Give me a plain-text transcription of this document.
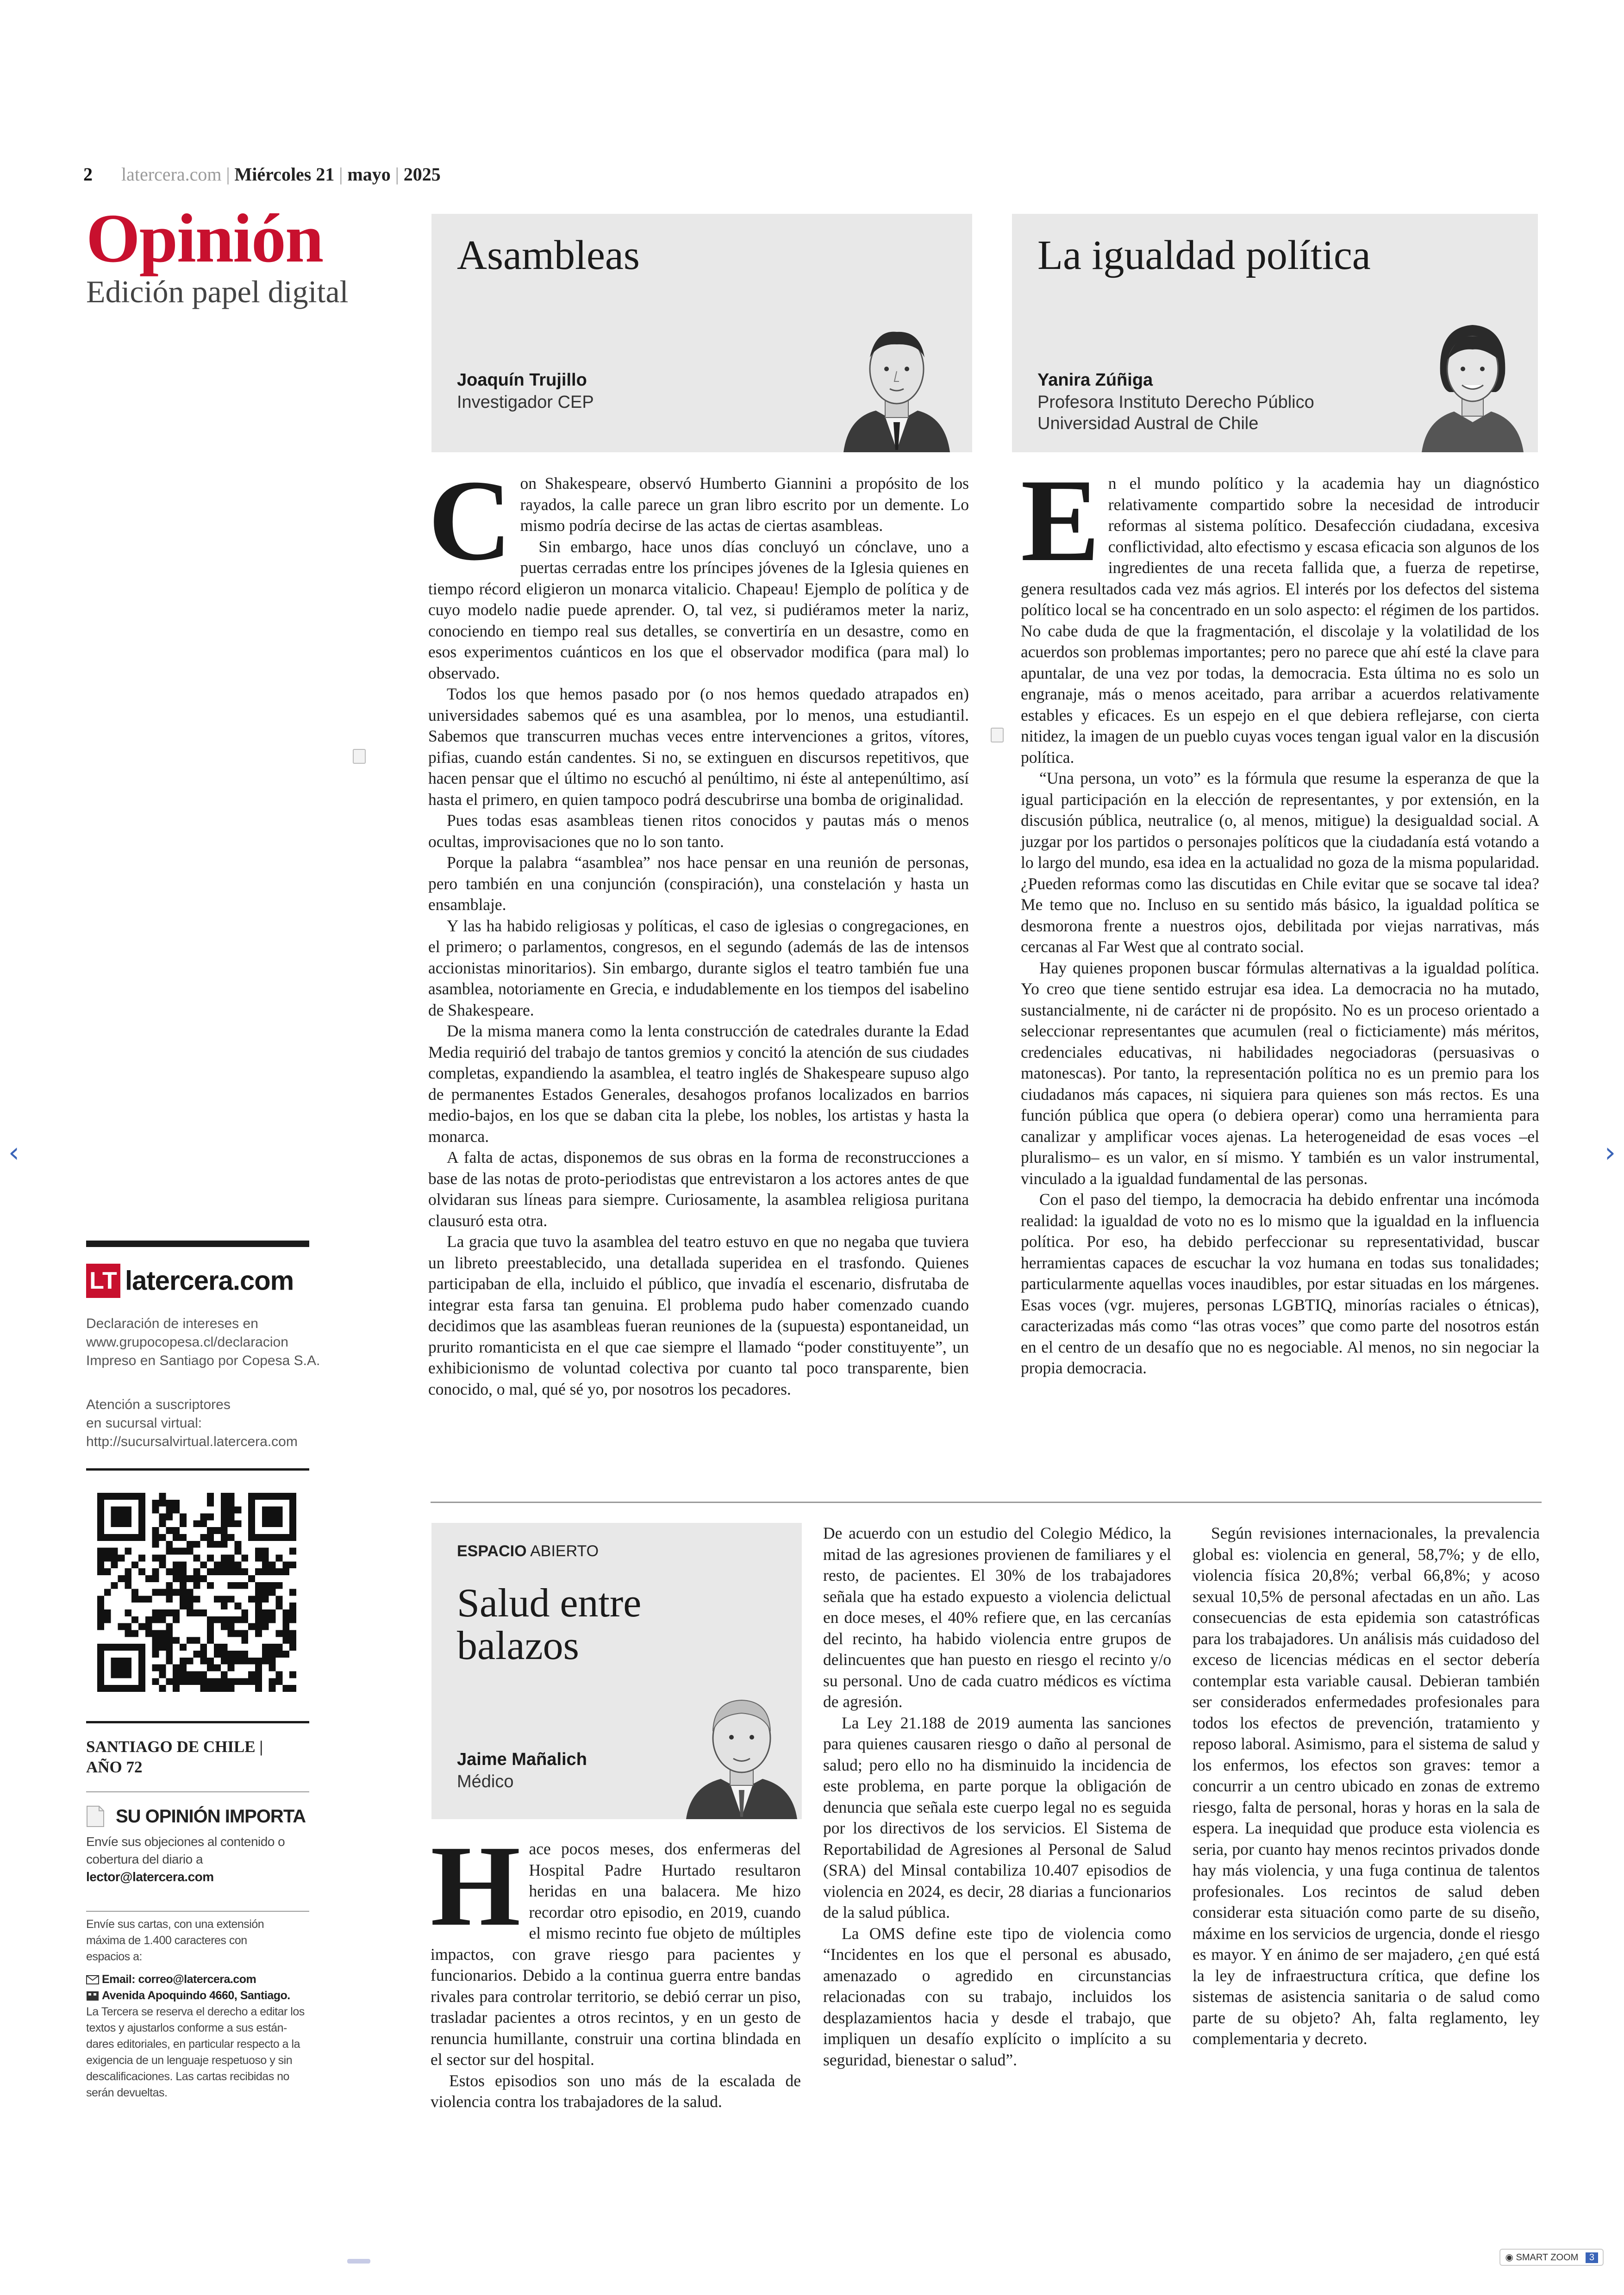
2 latercera.com | Miércoles 21 | mayo | 2025
Opinión
Edición papel digital
LT latercera.com
Declaración de intereses en
www.grupocopesa.cl/declaracion
Impreso en Santiago por Copesa S.A.
Atención a suscriptores
en sucursal virtual:
http://sucursalvirtual.latercera.com
SANTIAGO DE CHILE |
AÑO 72
SU OPINIÓN IMPORTA
Envíe sus objeciones al contenido o
cobertura del diario a
lector@latercera.com
Envíe sus cartas, con una extensión
máxima de 1.400 caracteres con
espacios a:
Email: correo@latercera.com
Avenida Apoquindo 4660, Santiago.
La Tercera se reserva el derecho a editar los
textos y ajustarlos conforme a sus están-
dares editoriales, en particular respecto a la
exigencia de un lenguaje respetuoso y sin
descalificaciones. Las cartas recibidas no
serán devueltas.
Asambleas
Joaquín Trujillo
Investigador CEP
La igualdad política
Yanira Zúñiga
Profesora Instituto Derecho Público
Universidad Austral de Chile
C on Shakespeare, observó Humberto Giannini a propósito de los rayados, la calle parece un gran libro escrito por un demente. Lo mismo podría decirse de las actas de ciertas asambleas.

Sin embargo, hace unos días concluyó un cónclave, uno a puertas cerradas entre los príncipes jóvenes de la Iglesia quienes en tiempo récord eligieron un monarca vitalicio. Chapeau! Ejemplo de política y de cuyo modelo nadie puede aprender. O, tal vez, si pudiéramos meter la nariz, conociendo en tiempo real sus detalles, se convertiría en un desastre, como en esos experimentos cuánticos en los que el observador modifica (para mal) lo observado.

Todos los que hemos pasado por (o nos hemos quedado atrapados en) universidades sabemos qué es una asamblea, por lo menos, una estudiantil. Sabemos que transcurren muchas veces entre intervenciones a gritos, vítores, pifias, cuando están candentes. Si no, se extinguen en discursos repetitivos, que hacen pensar que el último no escuchó al penúltimo, ni éste al antepenúltimo, así hasta el primero, en quien tampoco podrá descubrirse una bomba de originalidad.

Pues todas esas asambleas tienen ritos conocidos y pautas más o menos ocultas, improvisaciones que no lo son tanto.

Porque la palabra “asamblea” nos hace pensar en una reunión de personas, pero también en una conjunción (conspiración), una constelación y hasta un ensamblaje.

Y las ha habido religiosas y políticas, el caso de iglesias o congregaciones, en el primero; o parlamentos, congresos, en el segundo (además de las de intensos accionistas minoritarios). Sin embargo, durante siglos el teatro también fue una asamblea, notoriamente en Grecia, e indudablemente en los tiempos del isabelino de Shakespeare.

De la misma manera como la lenta construcción de catedrales durante la Edad Media requirió del trabajo de tantos gremios y concitó la atención de sus ciudades completas, expandiendo la asamblea, el teatro inglés de Shakespeare supuso algo de permanentes Estados Generales, desahogos profanos localizados en barrios medio-bajos, en los que se daban cita la plebe, los nobles, los artistas y hasta la monarca.

A falta de actas, disponemos de sus obras en la forma de reconstrucciones a base de las notas de proto-periodistas que entrevistaron a los actores antes de que olvidaran sus líneas para siempre. Curiosamente, la asamblea religiosa puritana clausuró esta otra.

La gracia que tuvo la asamblea del teatro estuvo en que no negaba que tuviera un libreto preestablecido, una detallada superidea en el trasfondo. Quienes participaban de ella, incluido el público, que invadía el escenario, disfrutaba de integrar esta farsa tan genuina. El problema pudo haber comenzado cuando decidimos que las asambleas fueran reuniones de la (supuesta) espontaneidad, un prurito romanticista en el que cae siempre el llamado “poder constituyente”, un exhibicionismo de voluntad colectiva por cuanto tal poco transparente, bien conocido, o mal, qué sé yo, por nosotros los pecadores.

E n el mundo político y la academia hay un diagnóstico relativamente compartido sobre la necesidad de introducir reformas al sistema político. Desafección ciudadana, excesiva conflictividad, alto efectismo y escasa eficacia son algunos de los ingredientes de una receta fallida que, a fuerza de repetirse, genera resultados cada vez más agrios. El interés por los defectos del sistema político local se ha concentrado en un solo aspecto: el régimen de los partidos. No cabe duda de que la fragmentación, el discolaje y la volatilidad de los acuerdos son problemas importantes; pero no parece que ahí esté la clave para apuntalar, de una vez por todas, la democracia. Esta última no es solo un engranaje, más o menos aceitado, para arribar a acuerdos relativamente estables y eficaces. Es un espejo en el que debiera reflejarse, con cierta nitidez, la imagen de un pueblo cuyas voces tengan igual valor en la discusión política.

“Una persona, un voto” es la fórmula que resume la esperanza de que la igual participación en la elección de representantes, y por extensión, en la discusión pública, neutralice (o, al menos, mitigue) la desigualdad social. A juzgar por los partidos o personajes políticos que la ciudadanía está votando a lo largo del mundo, esa idea en la actualidad no goza de la misma popularidad. ¿Pueden reformas como las discutidas en Chile evitar que se socave tal idea? Me temo que no. Incluso en su sentido más básico, la igualdad política se desmorona frente a nuestros ojos, debilitada por viejas narrativas, más cercanas al Far West que al contrato social.

Hay quienes proponen buscar fórmulas alternativas a la igualdad política. Yo creo que tiene sentido estrujar esa idea. La democracia no ha mutado, sustancialmente, ni de carácter ni de propósito. No es un proceso orientado a seleccionar representantes que acumulen (real o ficticiamente) más méritos, credenciales educativas, ni habilidades negociadoras (persuasivas o matonescas). Por tanto, la representación política no es un premio para los ciudadanos más capaces, ni siquiera para quienes son más rectos. Es una función pública que opera (o debiera operar) como una herramienta para canalizar y amplificar voces ajenas. La heterogeneidad de esas voces –el pluralismo– es un valor, en sí mismo. Y también es un valor instrumental, vinculado a la igualdad fundamental de las personas.

Con el paso del tiempo, la democracia ha debido enfrentar una incómoda realidad: la igualdad de voto no es lo mismo que la igualdad en la influencia política. Por eso, ha debido perfeccionar su representatividad, buscar herramientas capaces de escuchar la voz humana en todas sus tonalidades; particularmente aquellas voces inaudibles, por estar situadas en los márgenes. Esas voces (vgr. mujeres, personas LGBTIQ, minorías raciales o étnicas), caracterizadas más como “las otras voces” que como parte del nosotros están en el centro de un desafío que no es negociable. Al menos, no sin negociar la propia democracia.

ESPACIO ABIERTO
Salud entre
balazos
Jaime Mañalich
Médico
H ace pocos meses, dos enfermeras del Hospital Padre Hurtado resultaron heridas en una balacera. Me hizo recordar otro episodio, en 2019, cuando el mismo recinto fue objeto de múltiples impactos, con grave riesgo para pacientes y funcionarios. Debido a la continua guerra entre bandas rivales para controlar territorio, se debió cerrar un piso, trasladar pacientes a otros recintos, y en un gesto de renuncia humillante, construir una cortina blindada en el sector sur del hospital.

Estos episodios son uno más de la escalada de violencia contra los trabajadores de la salud.

De acuerdo con un estudio del Colegio Médico, la mitad de las agresiones provienen de familiares y el resto, de pacientes. El 30% de los trabajadores señala que ha estado expuesto a violencia delictual en doce meses, el 40% refiere que, en las cercanías del recinto, ha habido violencia entre grupos de delincuentes que han puesto en riesgo el recinto y/o su personal. Uno de cada cuatro médicos es víctima de agresión.

La Ley 21.188 de 2019 aumenta las sanciones para quienes causaren riesgo o daño al personal de salud; pero ello no ha disminuido la incidencia de este problema, en parte porque la obligación de denuncia que señala este cuerpo legal no es seguida por los directivos de los servicios. El Sistema de Reportabilidad de Agresiones al Personal de Salud (SRA) del Minsal contabiliza 10.407 episodios de violencia en 2024, es decir, 28 diarias a funcionarios de la salud pública.

La OMS define este tipo de violencia como “Incidentes en los que el personal es abusado, amenazado o agredido en circunstancias relacionadas con su trabajo, incluidos los desplazamientos hacia y desde el trabajo, que impliquen un desafío explícito o implícito a su seguridad, bienestar o salud”.

Según revisiones internacionales, la prevalencia global es: violencia en general, 58,7%; y de ello, violencia física 20,8%; verbal 66,8%; y acoso sexual 10,5% de personal afectadas en un año. Las consecuencias de esta epidemia son catastróficas para los trabajadores. Un análisis más cuidadoso del exceso de licencias médicas en el sector debería contemplar esta variable causal. Debieran también ser considerados enfermedades profesionales para todos los efectos de prevención, tratamiento y reposo laboral. Asimismo, para el sistema de salud y los enfermos, los efectos son graves: temor a concurrir a un centro ubicado en zonas de extremo riesgo, falta de personal, horas y horas en la sala de espera. La inequidad que produce esta violencia es seria, por cuanto hay menos recintos privados donde hay más violencia, y una fuga continua de talentos profesionales. Los recintos de salud deben considerar esta situación como parte de su diseño, máxime en los servicios de urgencia, donde el riesgo es mayor. Y en ánimo de ser majadero, ¿en qué está la ley de infraestructura crítica, que define los sistemas de asistencia sanitaria o de salud como parte de su objeto? Ah, falta reglamento, ley complementaria y decreto.

‹	›
◉ SMART ZOOM 3
